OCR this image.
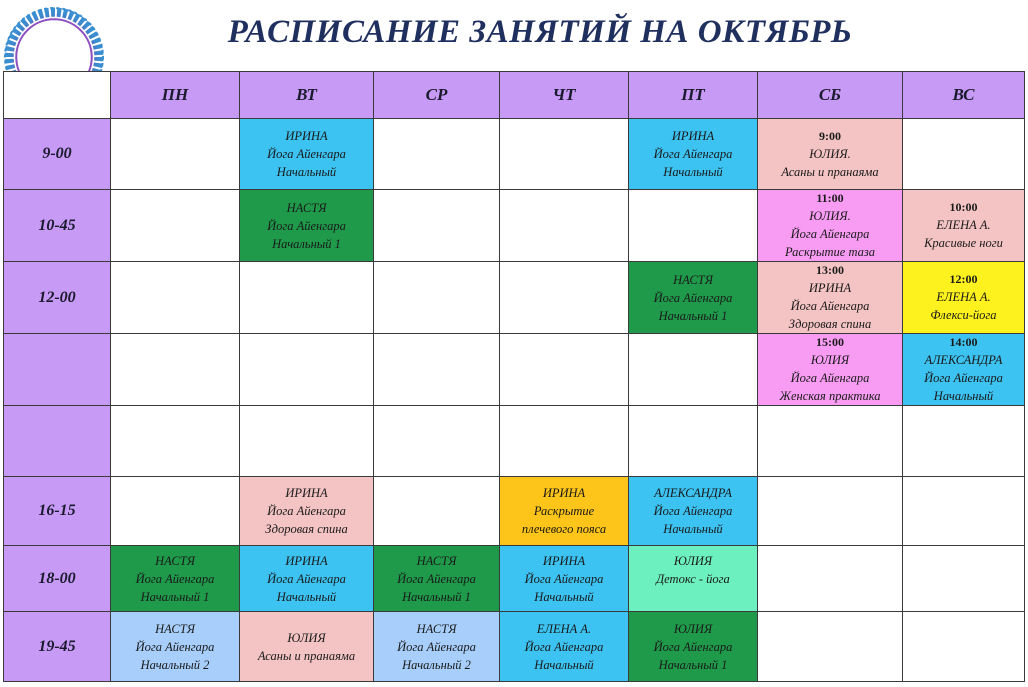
РАСПИСАНИЕ ЗАНЯТИЙ НА ОКТЯБРЬ
	ПН	ВТ	СР	ЧТ	ПТ	СБ	ВС
9-00		ИРИНА
Йога Айенгара
Начальный			ИРИНА
Йога Айенгара
Начальный	9:00
ЮЛИЯ.
Асаны и пранаяма	

10-45		НАСТЯ
Йога Айенгара
Начальный 1				11:00
ЮЛИЯ.
Йога Айенгара
Раскрытие таза	10:00
ЕЛЕНА А.
Красивые ноги

12-00					НАСТЯ
Йога Айенгара
Начальный 1	13:00
ИРИНА
Йога Айенгара
Здоровая спина	12:00
ЕЛЕНА А.
Флекси-йога

						15:00
ЮЛИЯ
Йога Айенгара
Женская практика	14:00
АЛЕКСАНДРА
Йога Айенгара
Начальный

16-15		ИРИНА
Йога Айенгара
Здоровая спина		ИРИНА
Раскрытие
плечевого пояса	АЛЕКСАНДРА
Йога Айенгара
Начальный		

18-00	НАСТЯ
Йога Айенгара
Начальный 1	ИРИНА
Йога Айенгара
Начальный	НАСТЯ
Йога Айенгара
Начальный 1	ИРИНА
Йога Айенгара
Начальный	ЮЛИЯ
Детокс - йога		

19-45	НАСТЯ
Йога Айенгара
Начальный 2	ЮЛИЯ
Асаны и пранаяма	НАСТЯ
Йога Айенгара
Начальный 2	ЕЛЕНА А.
Йога Айенгара
Начальный	ЮЛИЯ
Йога Айенгара
Начальный 1		
